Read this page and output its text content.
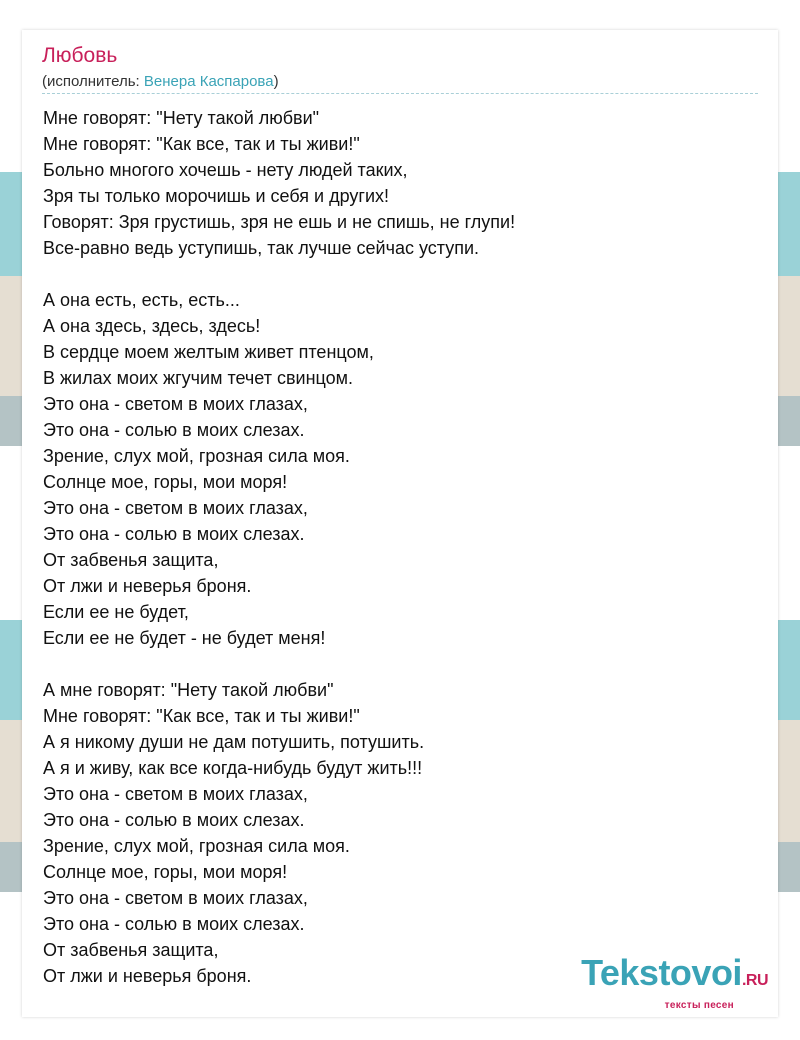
Любовь
(исполнитель: Венера Каспарова)
Мне говорят: "Нету такой любви"
Мне говорят: "Как все, так и ты живи!"
Больно многого хочешь - нету людей таких,
Зря ты только морочишь и себя и других!
Говорят: Зря грустишь, зря не ешь и не спишь, не глупи!
Все-равно ведь уступишь, так лучше сейчас уступи.
А она есть, есть, есть...
А она здесь, здесь, здесь!
В сердце моем желтым живет птенцом,
В жилах моих жгучим течет свинцом.
Это она - светом в моих глазах,
Это она - солью в моих слезах.
Зрение, слух мой, грозная сила моя.
Солнце мое, горы, мои моря!
Это она - светом в моих глазах,
Это она - солью в моих слезах.
От забвенья защита,
От лжи и неверья броня.
Если ее не будет,
Если ее не будет - не будет меня!
А мне говорят: "Нету такой любви"
Мне говорят: "Как все, так и ты живи!"
А я никому души не дам потушить, потушить.
А я и живу, как все когда-нибудь будут жить!!!
Это она - светом в моих глазах,
Это она - солью в моих слезах.
Зрение, слух мой, грозная сила моя.
Солнце мое, горы, мои моря!
Это она - светом в моих глазах,
Это она - солью в моих слезах.
От забвенья защита,
От лжи и неверья броня.	Tekstovoi.RU
тексты песен
